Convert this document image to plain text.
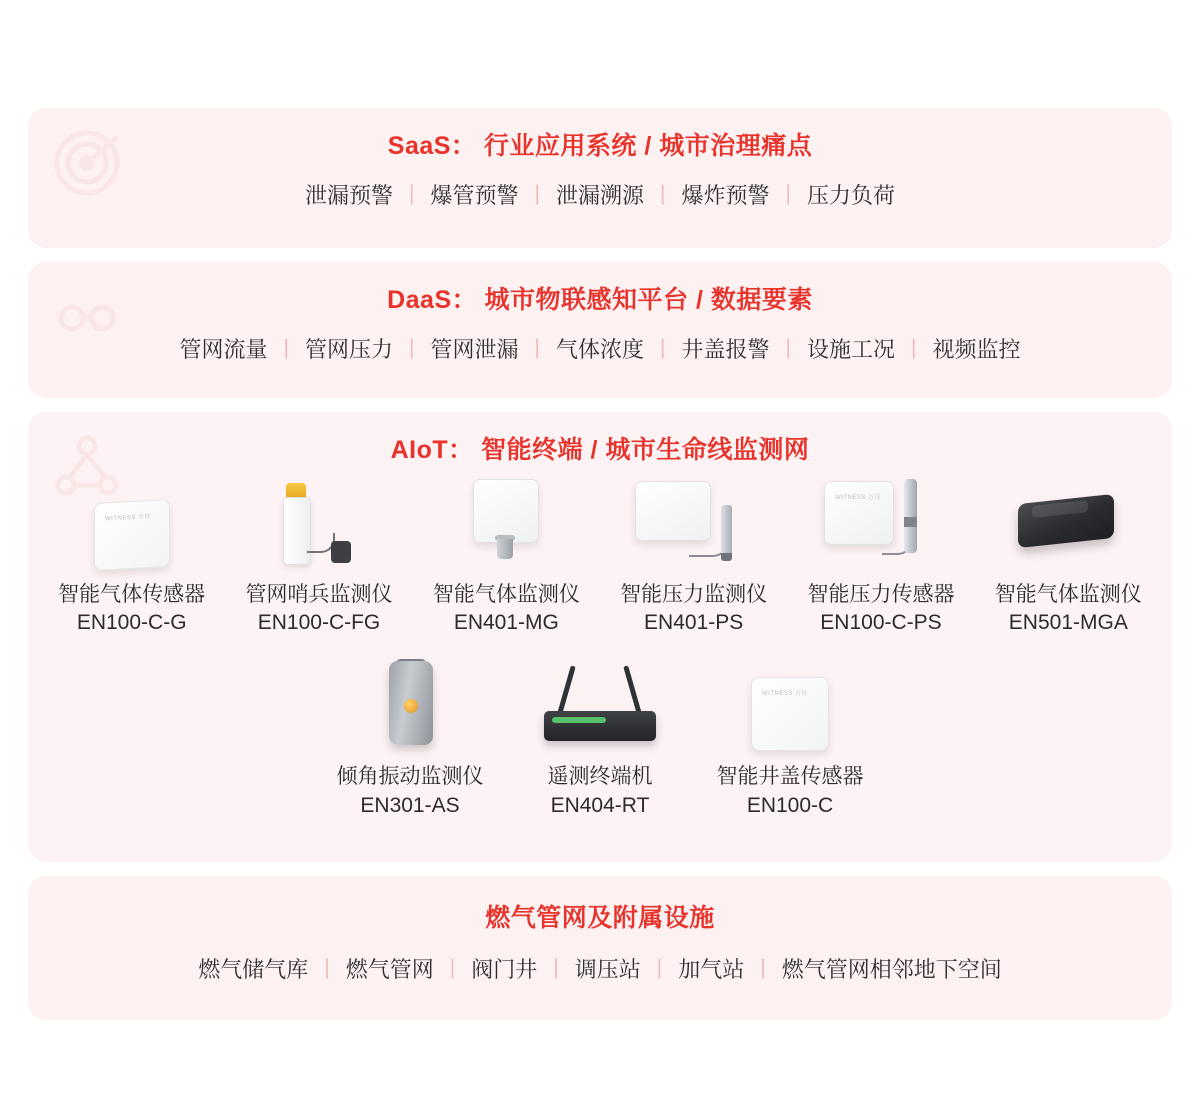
SaaS： 行业应用系统 / 城市治理痛点
泄漏预警 | 爆管预警 | 泄漏溯源 | 爆炸预警 | 压力负荷
DaaS： 城市物联感知平台 / 数据要素
管网流量 | 管网压力 | 管网泄漏 | 气体浓度 | 井盖报警 | 设施工况 | 视频监控
AIoT： 智能终端 / 城市生命线监测网
WITNESS 万佳
智能气体传感器
EN100-C-G
管网哨兵监测仪
EN100-C-FG
智能气体监测仪
EN401-MG
智能压力监测仪
EN401-PS
WITNESS 万佳
智能压力传感器
EN100-C-PS
智能气体监测仪
EN501-MGA
倾角振动监测仪
EN301-AS
遥测终端机
EN404-RT
WITNESS 万佳
智能井盖传感器
EN100-C
燃气管网及附属设施
燃气储气库 | 燃气管网 | 阀门井 | 调压站 | 加气站 | 燃气管网相邻地下空间
